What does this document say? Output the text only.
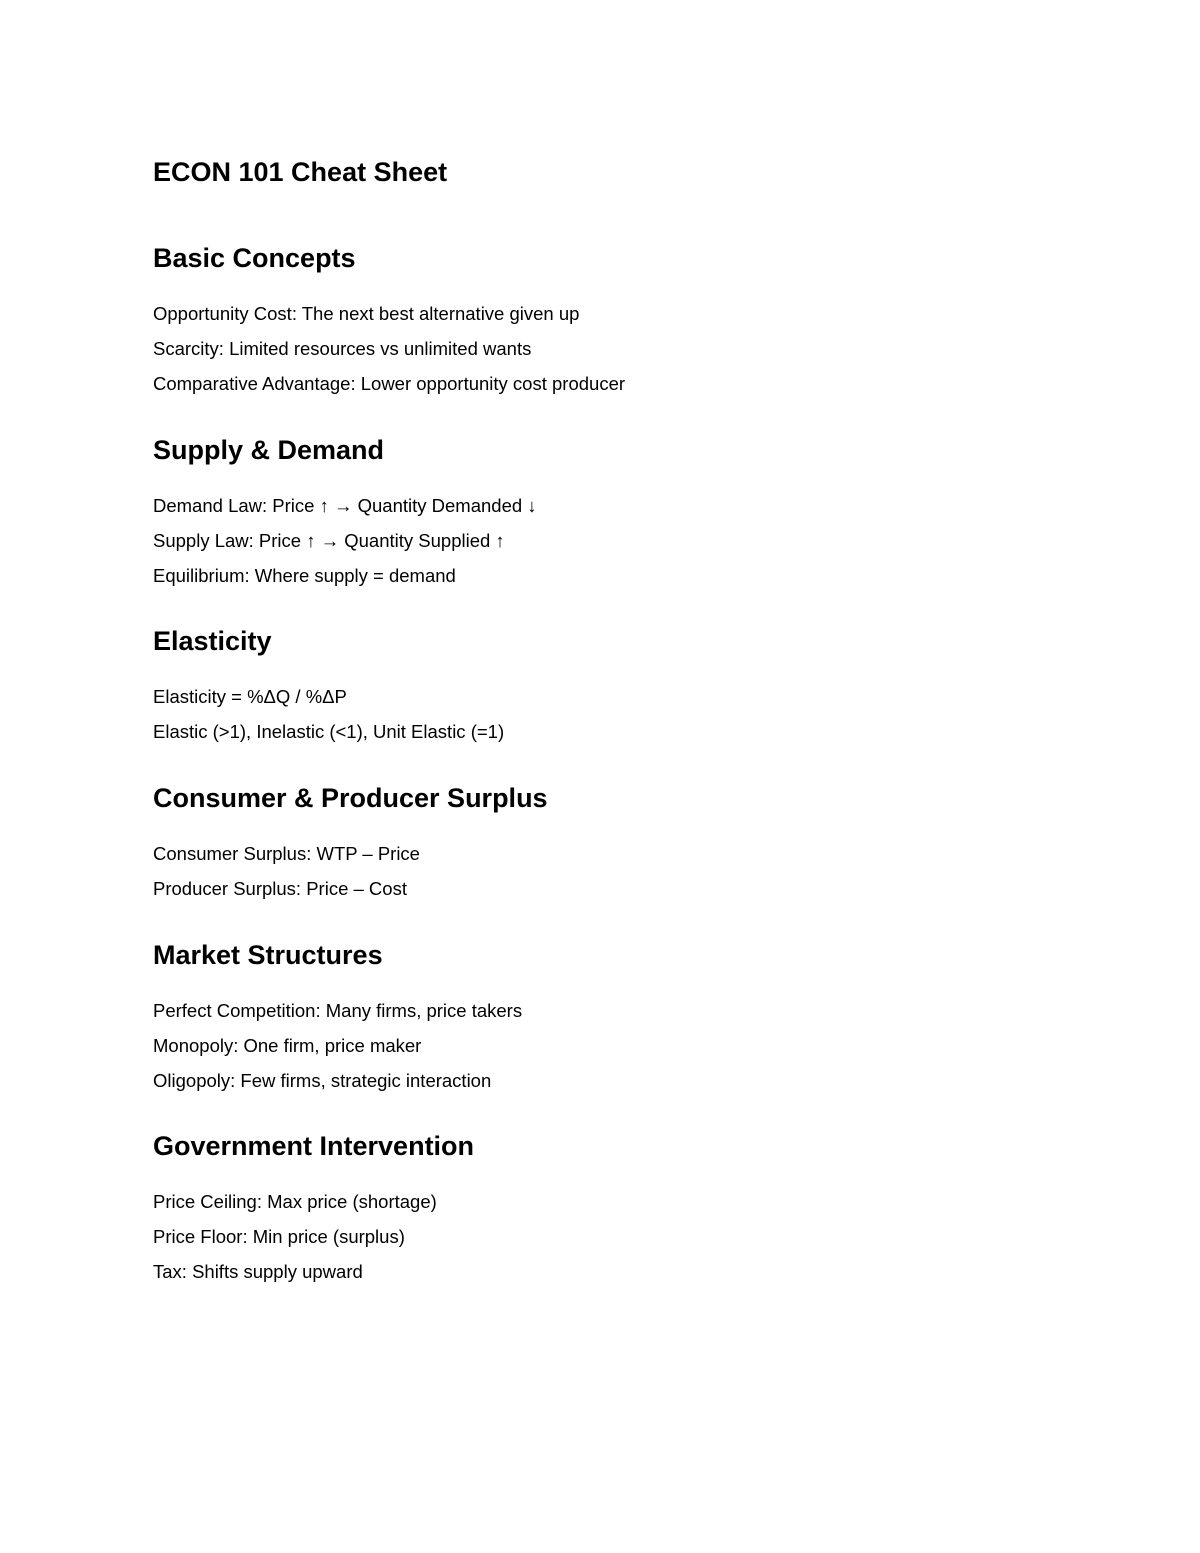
ECON 101 Cheat Sheet
Basic Concepts
Opportunity Cost: The next best alternative given up
Scarcity: Limited resources vs unlimited wants
Comparative Advantage: Lower opportunity cost producer
Supply & Demand
Demand Law: Price ↑ → Quantity Demanded ↓
Supply Law: Price ↑ → Quantity Supplied ↑
Equilibrium: Where supply = demand
Elasticity
Elasticity = %ΔQ / %ΔP
Elastic (>1), Inelastic (<1), Unit Elastic (=1)
Consumer & Producer Surplus
Consumer Surplus: WTP – Price
Producer Surplus: Price – Cost
Market Structures
Perfect Competition: Many firms, price takers
Monopoly: One firm, price maker
Oligopoly: Few firms, strategic interaction
Government Intervention
Price Ceiling: Max price (shortage)
Price Floor: Min price (surplus)
Tax: Shifts supply upward
